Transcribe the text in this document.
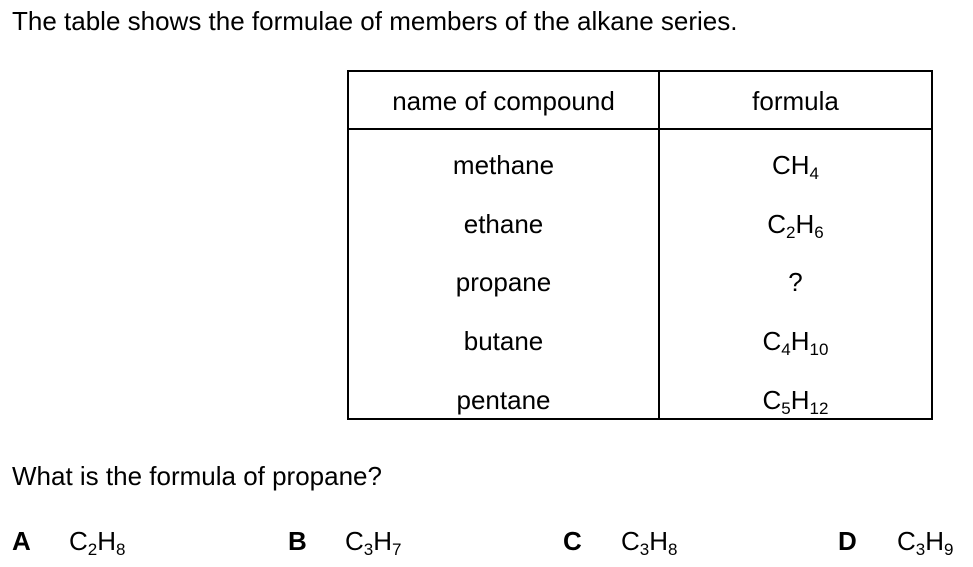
The table shows the formulae of members of the alkane series.
name of compound	formula
methane	$CH_4$
ethane	$C_2H_6$
propane	?
butane	$C_4H_{10}$
pentane	$C_5H_{12}$
What is the formula of propane?
A $C_2H_8$	B $C_3H_7$	C $C_3H_8$	D $C_3H_9$
